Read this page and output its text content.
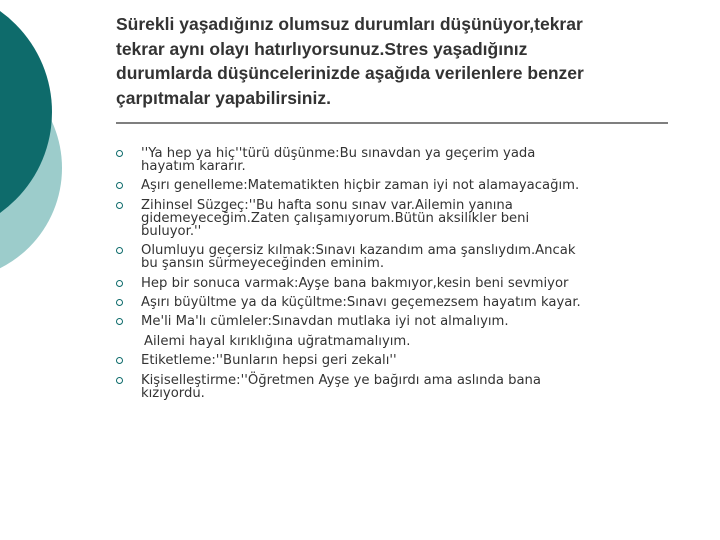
Sürekli yaşadığınız olumsuz durumları düşünüyor,tekrar
tekrar aynı olayı hatırlıyorsunuz.Stres yaşadığınız
durumlarda düşüncelerinizde aşağıda verilenlere benzer
çarpıtmalar yapabilirsiniz.
''Ya hep ya hiç''türü düşünme:Bu sınavdan ya geçerim yada
hayatım kararır.
Aşırı genelleme:Matematikten hiçbir zaman iyi not alamayacağım.
Zihinsel Süzgeç:''Bu hafta sonu sınav var.Ailemin yanına
gidemeyeceğim.Zaten çalışamıyorum.Bütün aksilikler beni
buluyor.''
Olumluyu geçersiz kılmak:Sınavı kazandım ama şanslıydım.Ancak
bu şansın sürmeyeceğinden eminim.
Hep bir sonuca varmak:Ayşe bana bakmıyor,kesin beni sevmiyor
Aşırı büyültme ya da küçültme:Sınavı geçemezsem hayatım kayar.
Me'li Ma'lı cümleler:Sınavdan mutlaka iyi not almalıyım.
Ailemi hayal kırıklığına uğratmamalıyım.
Etiketleme:''Bunların hepsi geri zekalı''
Kişiselleştirme:''Öğretmen Ayşe ye bağırdı ama aslında bana
kızıyordu.
